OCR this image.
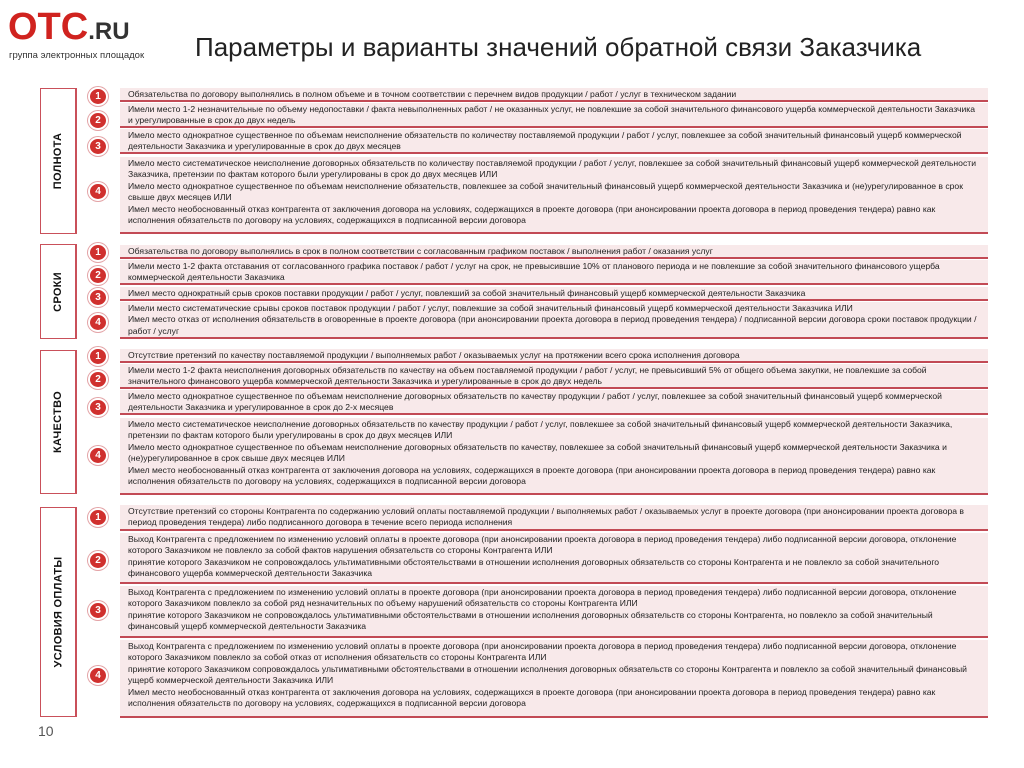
OTC.RU
группа электронных площадок Параметры и варианты значений обратной связи Заказчика
ПОЛНОТА
1	Обязательства по договору выполнялись в полном объеме и в точном соответствии с перечнем видов продукции / работ / услуг в техническом задании
2
Имели место 1-2 незначительные по объему недопоставки / факта невыполненных работ / не оказанных услуг, не повлекшие за собой значительного финансового ущерба коммерческой деятельности Заказчика и урегулированные в срок до двух недель
3
Имело место однократное существенное по объемам неисполнение обязательств по количеству поставляемой продукции / работ / услуг, повлекшее за собой значительный финансовый ущерб коммерческой деятельности Заказчика и урегулированные в срок до двух месяцев
4
Имело место систематическое неисполнение договорных обязательств по количеству поставляемой продукции / работ / услуг, повлекшее за собой значительный финансовый ущерб коммерческой деятельности Заказчика, претензии по фактам которого были урегулированы в срок до двух месяцев ИЛИ
Имело место однократное существенное по объемам неисполнение обязательств, повлекшее за собой значительный финансовый ущерб коммерческой деятельности Заказчика и (не)урегулированное в срок свыше двух месяцев ИЛИ
Имел место необоснованный отказ контрагента от заключения договора на условиях, содержащихся в проекте договора (при анонсировании проекта договора в период проведения тендера) равно как исполнения обязательств по договору на условиях, содержащихся в подписанной версии договора
СРОКИ
1	Обязательства по договору выполнялись в срок в полном соответствии с согласованным графиком поставок / выполнения работ / оказания услуг
2
Имели место 1-2 факта отставания от согласованного графика поставок / работ / услуг на срок, не превысившие 10% от планового периода и не повлекшие за собой значительного финансового ущерба коммерческой деятельности Заказчика
3	Имел место однократный срыв сроков поставки продукции / работ / услуг, повлекший за собой значительный финансовый ущерб коммерческой деятельности Заказчика
4
Имели место систематические срывы сроков поставок продукции / работ / услуг, повлекшие за собой значительный финансовый ущерб коммерческой деятельности Заказчика ИЛИ
Имел место отказ от исполнения обязательств в оговоренные в проекте договора (при анонсировании проекта договора в период проведения тендера) / подписанной версии договора сроки поставок продукции / работ / услуг
КАЧЕСТВО
1	Отсутствие претензий по качеству поставляемой продукции / выполняемых работ / оказываемых услуг на протяжении всего срока исполнения договора
2
Имели место 1-2 факта неисполнения договорных обязательств по качеству на объем поставляемой продукции / работ / услуг, не превысивший 5% от общего объема закупки, не повлекшие за собой значительного финансового ущерба коммерческой деятельности Заказчика и урегулированные в срок до двух недель
3
Имело место однократное существенное по объемам неисполнение договорных обязательств по качеству продукции / работ / услуг, повлекшее за собой значительный финансовый ущерб коммерческой деятельности Заказчика и урегулированное в срок до 2-х месяцев
4
Имело место систематическое неисполнение договорных обязательств по качеству продукции / работ / услуг, повлекшее за собой значительный финансовый ущерб коммерческой деятельности Заказчика, претензии по фактам которого были урегулированы в срок до двух месяцев ИЛИ
Имело место однократное существенное по объемам неисполнение договорных обязательств по качеству, повлекшее за собой значительный финансовый ущерб коммерческой деятельности Заказчика и (не)урегулированное в срок свыше двух месяцев ИЛИ
Имел место необоснованный отказ контрагента от заключения договора на условиях, содержащихся в проекте договора (при анонсировании проекта договора в период проведения тендера) равно как исполнения обязательств по договору на условиях, содержащихся в подписанной версии договора
УСЛОВИЯ ОПЛАТЫ
1
Отсутствие претензий со стороны Контрагента по содержанию условий оплаты поставляемой продукции / выполняемых работ / оказываемых услуг в проекте договора (при анонсировании проекта договора в период проведения тендера) либо подписанного договора в течение всего периода исполнения
2
Выход Контрагента с предложением по изменению условий оплаты в проекте договора (при анонсировании проекта договора в период проведения тендера) либо подписанной версии договора, отклонение которого Заказчиком не повлекло за собой фактов нарушения обязательств со стороны Контрагента ИЛИ
принятие которого Заказчиком не сопровождалось ультимативными обстоятельствами в отношении исполнения договорных обязательств со стороны Контрагента и не повлекло за собой значительного финансового ущерба коммерческой деятельности Заказчика
3
Выход Контрагента с предложением по изменению условий оплаты в проекте договора (при анонсировании проекта договора в период проведения тендера) либо подписанной версии договора, отклонение которого Заказчиком повлекло за собой ряд незначительных по объему нарушений обязательств со стороны Контрагента ИЛИ
принятие которого Заказчиком не сопровождалось ультимативными обстоятельствами в отношении исполнения договорных обязательств со стороны Контрагента, но повлекло за собой значительный финансовый ущерб коммерческой деятельности Заказчика
4
Выход Контрагента с предложением по изменению условий оплаты в проекте договора (при анонсировании проекта договора в период проведения тендера) либо подписанной версии договора, отклонение которого Заказчиком повлекло за собой отказ от исполнения обязательств со стороны Контрагента ИЛИ
принятие которого Заказчиком сопровождалось ультимативными обстоятельствами в отношении исполнения договорных обязательств со стороны Контрагента и повлекло за собой значительный финансовый ущерб коммерческой деятельности Заказчика ИЛИ
Имел место необоснованный отказ контрагента от заключения договора на условиях, содержащихся в проекте договора (при анонсировании проекта договора в период проведения тендера) равно как исполнения обязательств по договору на условиях, содержащихся в подписанной версии договора
10
